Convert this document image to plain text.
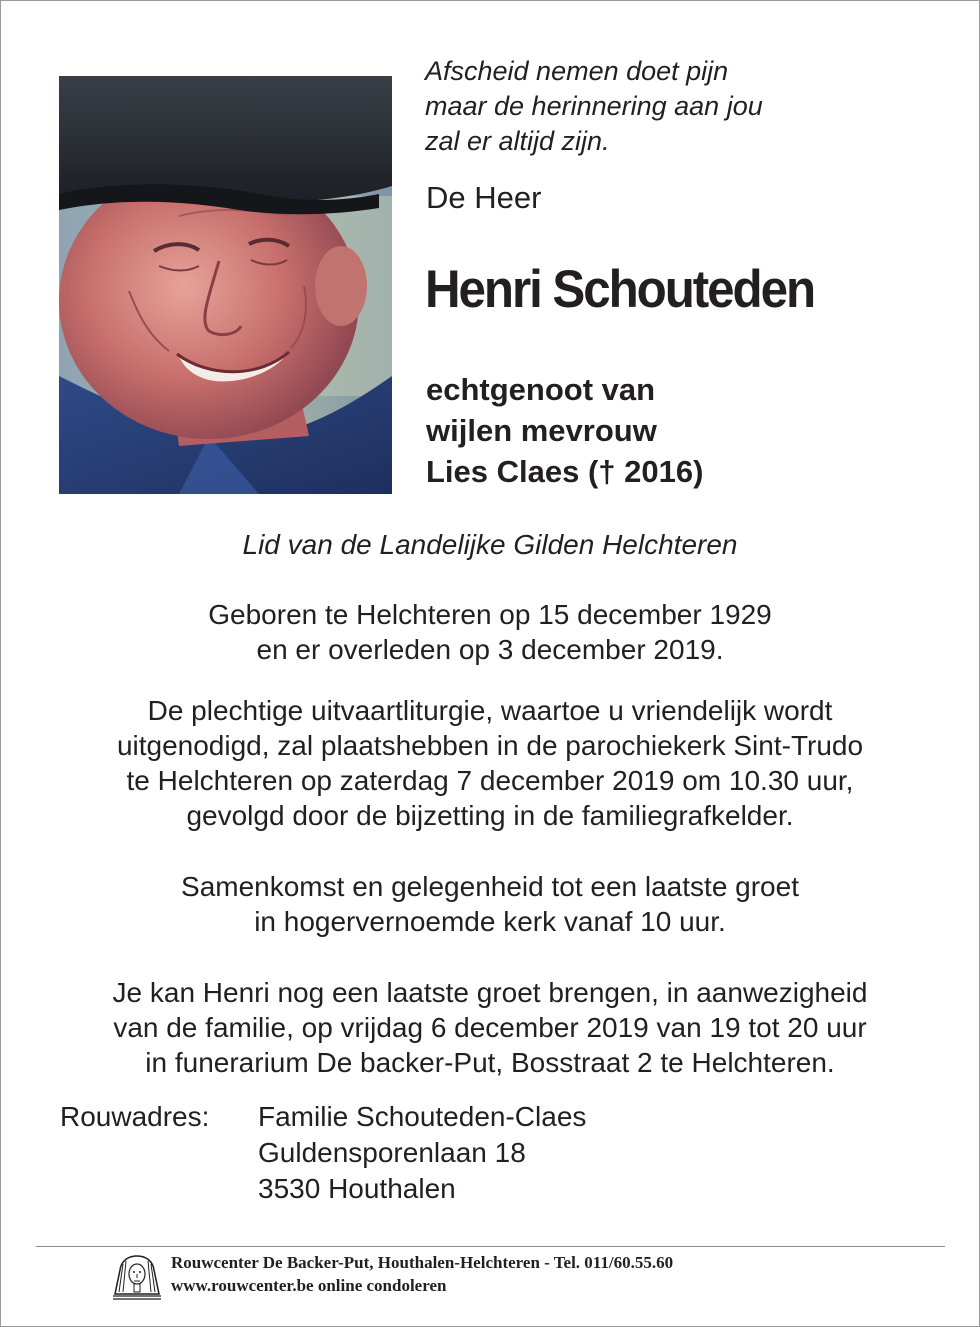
Afscheid nemen doet pijn
maar de herinnering aan jou
zal er altijd zijn.
De Heer
Henri Schouteden
echtgenoot van
wijlen mevrouw
Lies Claes († 2016)
Lid van de Landelijke Gilden Helchteren
Geboren te Helchteren op 15 december 1929
en er overleden op 3 december 2019.
De plechtige uitvaartliturgie, waartoe u vriendelijk wordt
uitgenodigd, zal plaatshebben in de parochiekerk Sint-Trudo
te Helchteren op zaterdag 7 december 2019 om 10.30 uur,
gevolgd door de bijzetting in de familiegrafkelder.
Samenkomst en gelegenheid tot een laatste groet
in hogervernoemde kerk vanaf 10 uur.
Je kan Henri nog een laatste groet brengen, in aanwezigheid
van de familie, op vrijdag 6 december 2019 van 19 tot 20 uur
in funerarium De backer-Put, Bosstraat 2 te Helchteren.
Rouwadres: Familie Schouteden-Claes
Guldensporenlaan 18
3530 Houthalen
Rouwcenter De Backer-Put, Houthalen-Helchteren - Tel. 011/60.55.60
www.rouwcenter.be online condoleren
